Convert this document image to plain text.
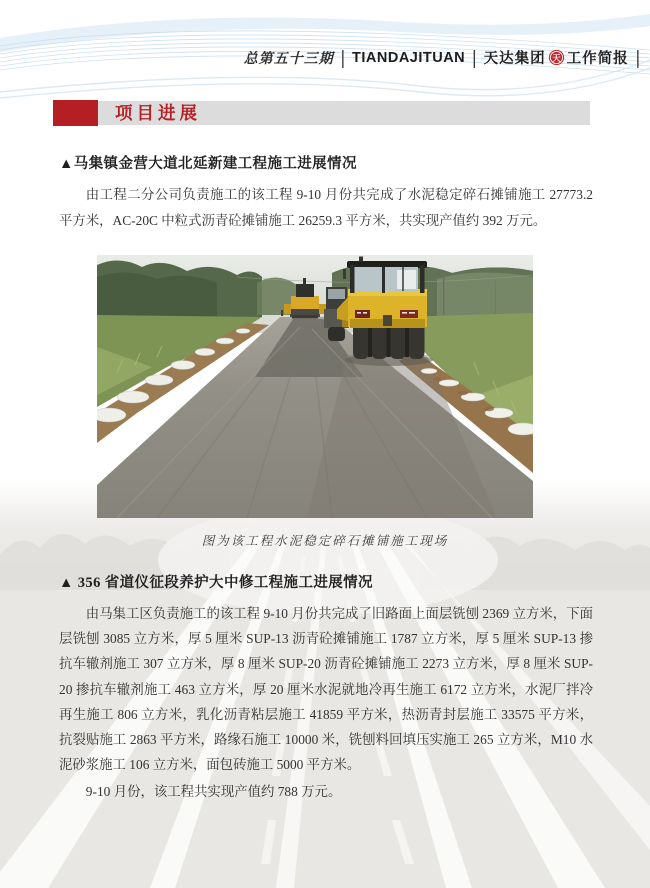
总第五十三期 | TIANDAJITUAN | 天达集团 天 工作简报 |
项目进展
▲马集镇金营大道北延新建工程施工进展情况

由工程二分公司负责施工的该工程 9-10 月份共完成了水泥稳定碎石摊铺施工 27773.2 平方米，AC-20C 中粒式沥青砼摊铺施工 26259.3 平方米，共实现产值约 392 万元。

图为该工程水泥稳定碎石摊铺施工现场
▲ 356 省道仪征段养护大中修工程施工进展情况

由马集工区负责施工的该工程 9-10 月份共完成了旧路面上面层铣刨 2369 立方米，下面层铣刨 3085 立方米，厚 5 厘米 SUP-13 沥青砼摊铺施工 1787 立方米，厚 5 厘米 SUP-13 掺抗车辙剂施工 307 立方米，厚 8 厘米 SUP-20 沥青砼摊铺施工 2273 立方米，厚 8 厘米 SUP-20 掺抗车辙剂施工 463 立方米，厚 20 厘米水泥就地冷再生施工 6172 立方米，水泥厂拌冷再生施工 806 立方米，乳化沥青粘层施工 41859 平方米，热沥青封层施工 33575 平方米，抗裂贴施工 2863 平方米，路缘石施工 10000 米，铣刨料回填压实施工 265 立方米，M10 水泥砂浆施工 106 立方米，面包砖施工 5000 平方米。

9-10 月份，该工程共实现产值约 788 万元。
